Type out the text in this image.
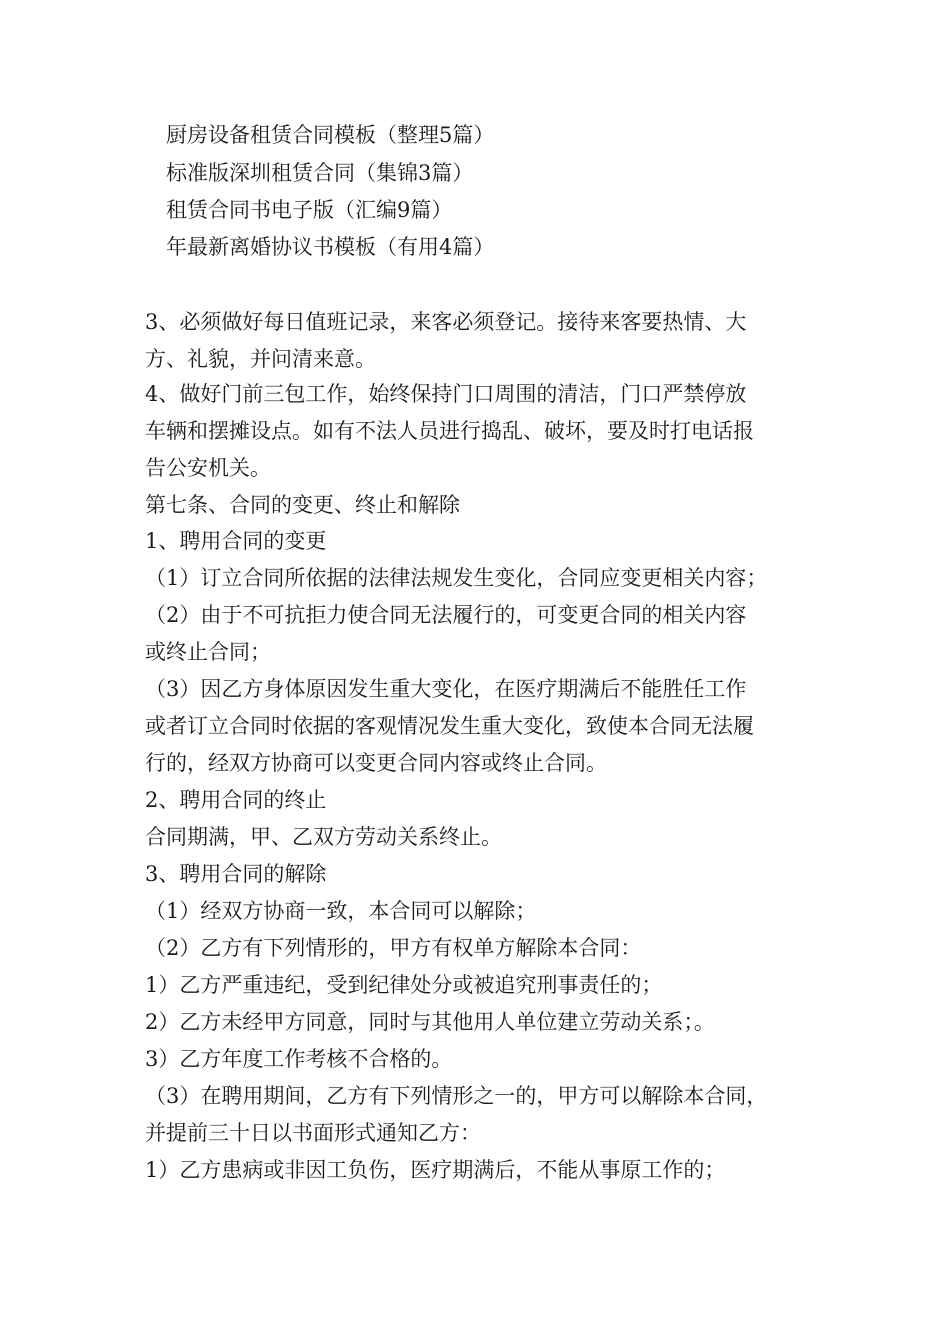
　厨房设备租赁合同模板（整理5篇）
　标准版深圳租赁合同（集锦3篇）
　租赁合同书电子版（汇编9篇）
　年最新离婚协议书模板（有用4篇）
3、必须做好每日值班记录，来客必须登记。接待来客要热情、大
方、礼貌，并问清来意。
4、做好门前三包工作，始终保持门口周围的清洁，门口严禁停放
车辆和摆摊设点。如有不法人员进行捣乱、破坏，要及时打电话报
告公安机关。
第七条、合同的变更、终止和解除
1、聘用合同的变更
（1）订立合同所依据的法律法规发生变化，合同应变更相关内容；
（2）由于不可抗拒力使合同无法履行的，可变更合同的相关内容
或终止合同；
（3）因乙方身体原因发生重大变化，在医疗期满后不能胜任工作
或者订立合同时依据的客观情况发生重大变化，致使本合同无法履
行的，经双方协商可以变更合同内容或终止合同。
2、聘用合同的终止
合同期满，甲、乙双方劳动关系终止。
3、聘用合同的解除
（1）经双方协商一致，本合同可以解除；
（2）乙方有下列情形的，甲方有权单方解除本合同：
1）乙方严重违纪，受到纪律处分或被追究刑事责任的；
2）乙方未经甲方同意，同时与其他用人单位建立劳动关系；。
3）乙方年度工作考核不合格的。
（3）在聘用期间，乙方有下列情形之一的，甲方可以解除本合同，
并提前三十日以书面形式通知乙方：
1）乙方患病或非因工负伤，医疗期满后，不能从事原工作的；
